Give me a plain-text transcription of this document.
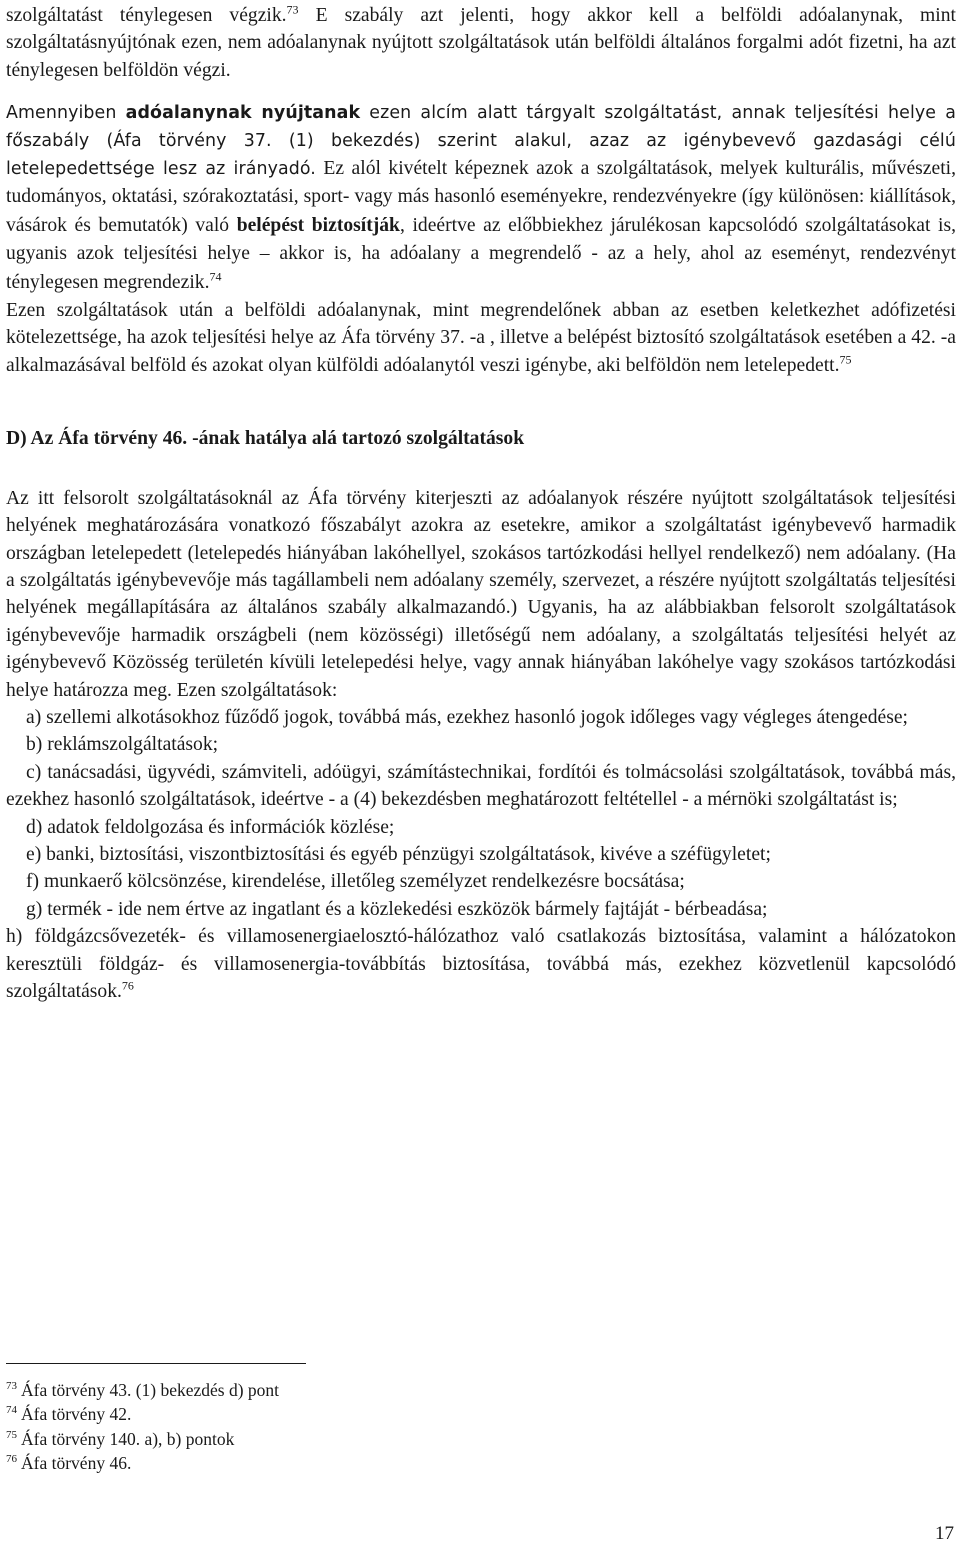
szolgáltatást ténylegesen végzik.$^{73}$ E szabály azt jelenti, hogy akkor kell a belföldi adóalanynak, mint szolgáltatásnyújtónak ezen, nem adóalanynak nyújtott szolgáltatások után belföldi általános forgalmi adót fizetni, ha azt ténylegesen belföldön végzi.

Amennyiben adóalanynak nyújtanak ezen alcím alatt tárgyalt szolgáltatást, annak teljesítési helye a főszabály (Áfa törvény 37. (1) bekezdés) szerint alakul, azaz az igénybevevő gazdasági célú letelepedettsége lesz az irányadó. Ez alól kivételt képeznek azok a szolgáltatások, melyek kulturális, művészeti, tudományos, oktatási, szórakoztatási, sport- vagy más hasonló eseményekre, rendezvényekre (így különösen: kiállítások, vásárok és bemutatók) való belépést biztosítják, ideértve az előbbiekhez járulékosan kapcsolódó szolgáltatásokat is, ugyanis azok teljesítési helye – akkor is, ha adóalany a megrendelő - az a hely, ahol az eseményt, rendezvényt ténylegesen megrendezik.$^{74}$

Ezen szolgáltatások után a belföldi adóalanynak, mint megrendelőnek abban az esetben keletkezhet adófizetési kötelezettsége, ha azok teljesítési helye az Áfa törvény 37. -a , illetve a belépést biztosító szolgáltatások esetében a 42. -a alkalmazásával belföld és azokat olyan külföldi adóalanytól veszi igénybe, aki belföldön nem letelepedett.$^{75}$

D) Az Áfa törvény 46. -ának hatálya alá tartozó szolgáltatások

Az itt felsorolt szolgáltatásoknál az Áfa törvény kiterjeszti az adóalanyok részére nyújtott szolgáltatások teljesítési helyének meghatározására vonatkozó főszabályt azokra az esetekre, amikor a szolgáltatást igénybevevő harmadik országban letelepedett (letelepedés hiányában lakóhellyel, szokásos tartózkodási hellyel rendelkező) nem adóalany. (Ha a szolgáltatás igénybevevője más tagállambeli nem adóalany személy, szervezet, a részére nyújtott szolgáltatás teljesítési helyének megállapítására az általános szabály alkalmazandó.) Ugyanis, ha az alábbiakban felsorolt szolgáltatások igénybevevője harmadik országbeli (nem közösségi) illetőségű nem adóalany, a szolgáltatás teljesítési helyét az igénybevevő Közösség területén kívüli letelepedési helye, vagy annak hiányában lakóhelye vagy szokásos tartózkodási helye határozza meg. Ezen szolgáltatások:

a) szellemi alkotásokhoz fűződő jogok, továbbá más, ezekhez hasonló jogok időleges vagy végleges átengedése;

b) reklámszolgáltatások;

c) tanácsadási, ügyvédi, számviteli, adóügyi, számítástechnikai, fordítói és tolmácsolási szolgáltatások, továbbá más, ezekhez hasonló szolgáltatások, ideértve - a (4) bekezdésben meghatározott feltétellel - a mérnöki szolgáltatást is;

d) adatok feldolgozása és információk közlése;

e) banki, biztosítási, viszontbiztosítási és egyéb pénzügyi szolgáltatások, kivéve a széfügyletet;

f) munkaerő kölcsönzése, kirendelése, illetőleg személyzet rendelkezésre bocsátása;

g) termék - ide nem értve az ingatlant és a közlekedési eszközök bármely fajtáját - bérbeadása;

h) földgázcsővezeték- és villamosenergiaelosztó-hálózathoz való csatlakozás biztosítása, valamint a hálózatokon keresztüli földgáz- és villamosenergia-továbbítás biztosítása, továbbá más, ezekhez közvetlenül kapcsolódó szolgáltatások.$^{76}$

$^{73}$ Áfa törvény 43. (1) bekezdés d) pont
$^{74}$ Áfa törvény 42.
$^{75}$ Áfa törvény 140. a), b) pontok
$^{76}$ Áfa törvény 46.
17
